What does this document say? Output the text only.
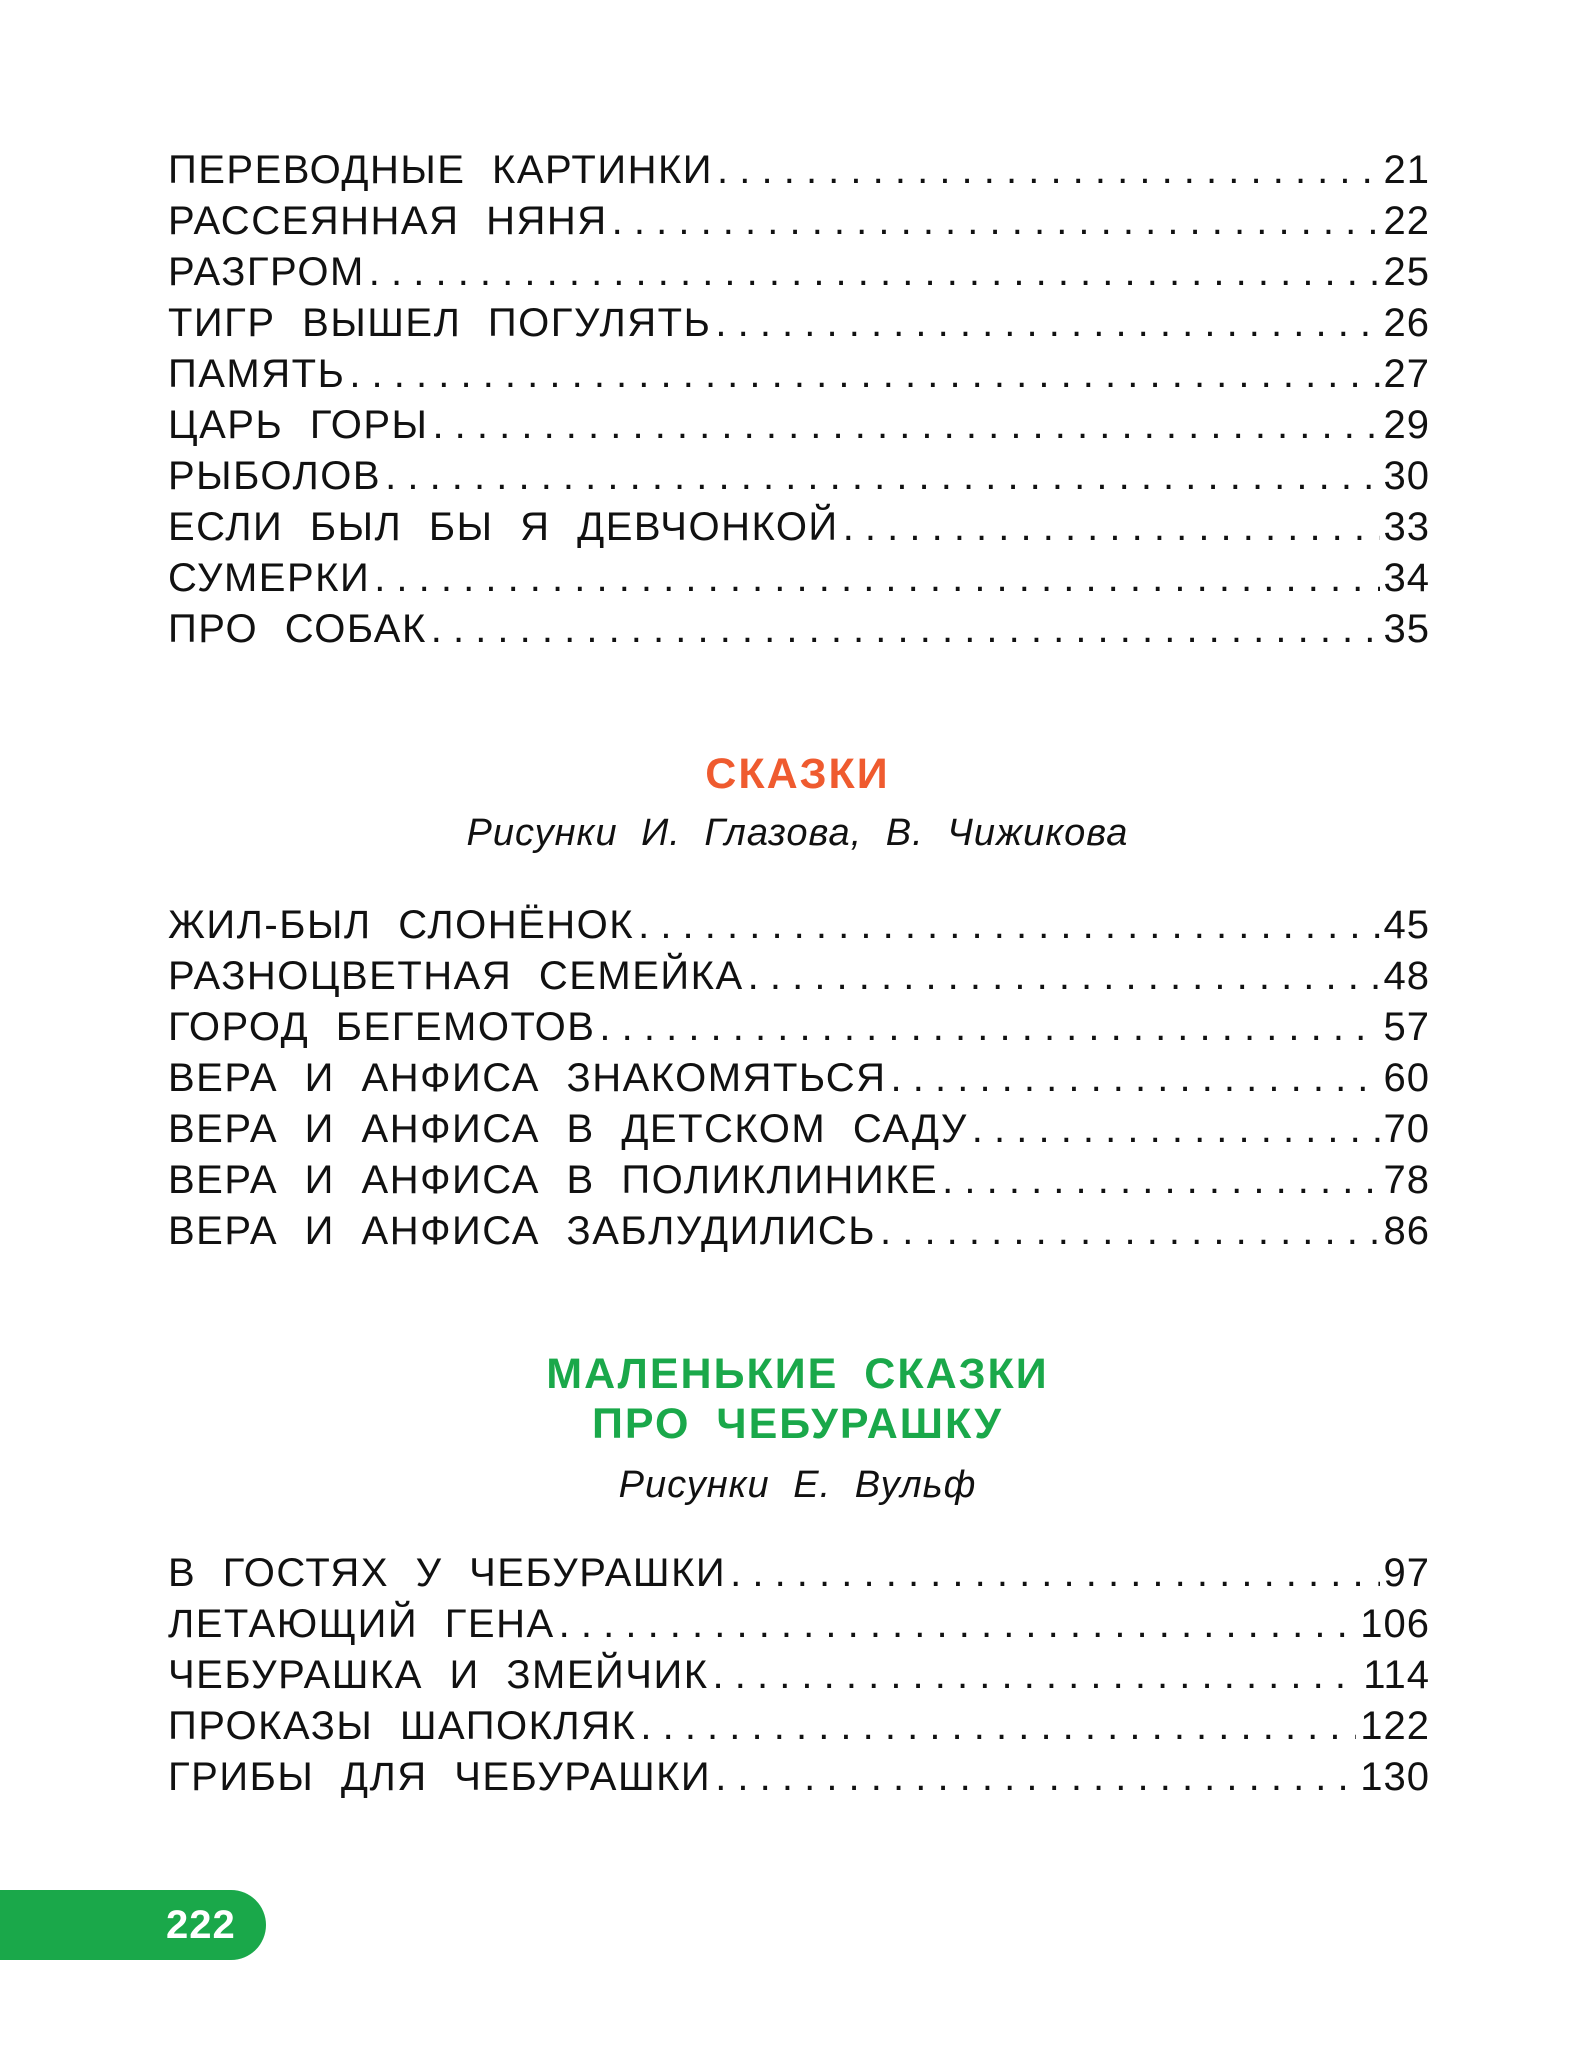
ПЕРЕВОДНЫЕ КАРТИНКИ . . .	21
РАССЕЯННАЯ НЯНЯ . . .	22
РАЗГРОМ . . .	25
ТИГР ВЫШЕЛ ПОГУЛЯТЬ . . .	26
ПАМЯТЬ . . .	27
ЦАРЬ ГОРЫ . . .	29
РЫБОЛОВ . . .	30
ЕСЛИ БЫЛ БЫ Я ДЕВЧОНКОЙ . . .	33
СУМЕРКИ . . .	34
ПРО СОБАК . . .	35
СКАЗКИ
Рисунки И. Глазова, В. Чижикова
ЖИЛ-БЫЛ СЛОНЁНОК . . .	45
РАЗНОЦВЕТНАЯ СЕМЕЙКА . . .	48
ГОРОД БЕГЕМОТОВ . . .	57
ВЕРА И АНФИСА ЗНАКОМЯТЬСЯ . . .	60
ВЕРА И АНФИСА В ДЕТСКОМ САДУ . . .	70
ВЕРА И АНФИСА В ПОЛИКЛИНИКЕ . . .	78
ВЕРА И АНФИСА ЗАБЛУДИЛИСЬ . . .	86
МАЛЕНЬКИЕ СКАЗКИ
ПРО ЧЕБУРАШКУ
Рисунки Е. Вульф
В ГОСТЯХ У ЧЕБУРАШКИ . . .	97
ЛЕТАЮЩИЙ ГЕНА . . .	106
ЧЕБУРАШКА И ЗМЕЙЧИК . . .	114
ПРОКАЗЫ ШАПОКЛЯК . . .	122
ГРИБЫ ДЛЯ ЧЕБУРАШКИ . . .	130
222
